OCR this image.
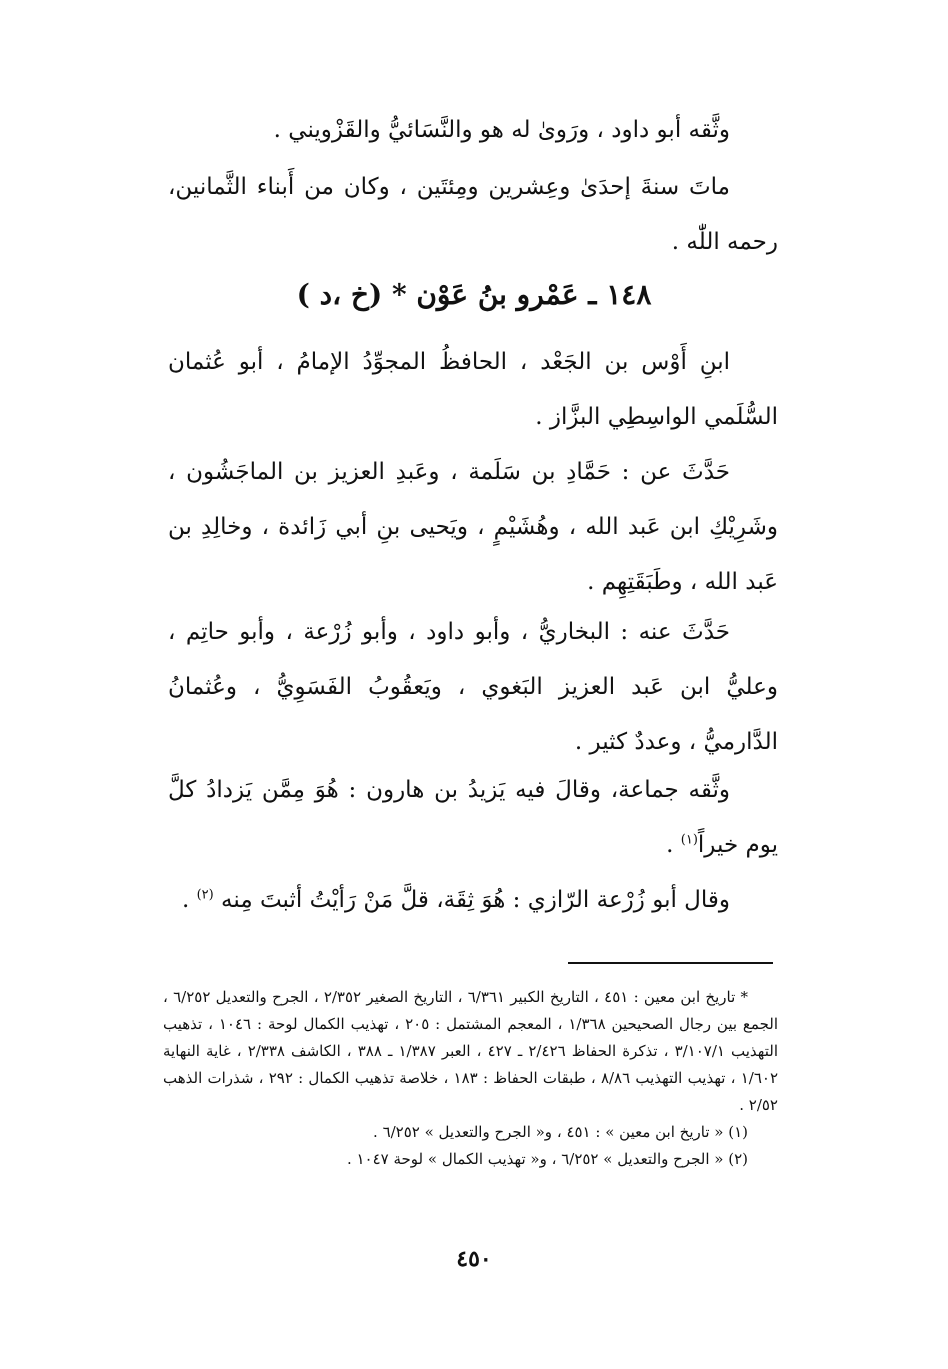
وثَّقه أبو داود ، ورَوىٰ له هو والنَّسَائيُّ والقَزْويني .
ماتَ سنةَ إحدَىٰ وعِشرين ومِئتَين ، وكان من أَبناء الثَّمانين، رحمه اللّٰه .
١٤٨ ـ عَمْرو بنُ عَوْن * (خ ،د )
ابنِ أَوْس بن الجَعْد ، الحافظُ المجوِّدُ الإمامُ ، أبو عُثمان السُّلَمي الواسِطِي البزَّاز .
حَدَّثَ عن : حَمَّادِ بن سَلَمة ، وعَبدِ العزيز بن الماجَشُون ، وشَرِيْكِ ابن عَبد الله ، وهُشَيْمٍ ، ويَحيى بنِ أبي زَائدة ، وخالِدِ بن عَبد الله ، وطَبَقَتِهِم .
حَدَّثَ عنه : البخاريُّ ، وأبو داود ، وأبو زُرْعة ، وأبو حاتِم ، وعليُّ ابن عَبد العزيز البَغوي ، ويَعقُوبُ الفَسَوِيُّ ، وعُثمانُ الدَّارميُّ ، وعددٌ كثير .
وثَّقه جماعة، وقالَ فيه يَزيدُ بن هارون : هُوَ مِمَّن يَزدادُ كلَّ يوم خيراً$^{(١)}$ .
وقال أبو زُرْعة الرّازي : هُوَ ثِقَة، قلَّ مَنْ رَأيْتُ أثبتَ مِنه $^{(٢)}$ .
* تاريخ ابن معين : ٤٥١ ، التاريخ الكبير ٦/٣٦١ ، التاريخ الصغير ٢/٣٥٢ ، الجرح والتعديل ٦/٢٥٢ ، الجمع بين رجال الصحيحين ١/٣٦٨ ، المعجم المشتمل : ٢٠٥ ، تهذيب الكمال لوحة : ١٠٤٦ ، تذهيب التهذيب ٣/١٠٧/١ ، تذكرة الحفاظ ٢/٤٢٦ ـ ٤٢٧ ، العبر ١/٣٨٧ ـ ٣٨٨ ، الكاشف ٢/٣٣٨ ، غاية النهاية ١/٦٠٢ ، تهذيب التهذيب ٨/٨٦ ، طبقات الحفاظ : ١٨٣ ، خلاصة تذهيب الكمال : ٢٩٢ ، شذرات الذهب ٢/٥٢ .
(١) « تاريخ ابن معين » : ٤٥١ ، و« الجرح والتعديل » ٦/٢٥٢ .
(٢) « الجرح والتعديل » ٦/٢٥٢ ، و« تهذيب الكمال » لوحة ١٠٤٧ .
٤٥٠
